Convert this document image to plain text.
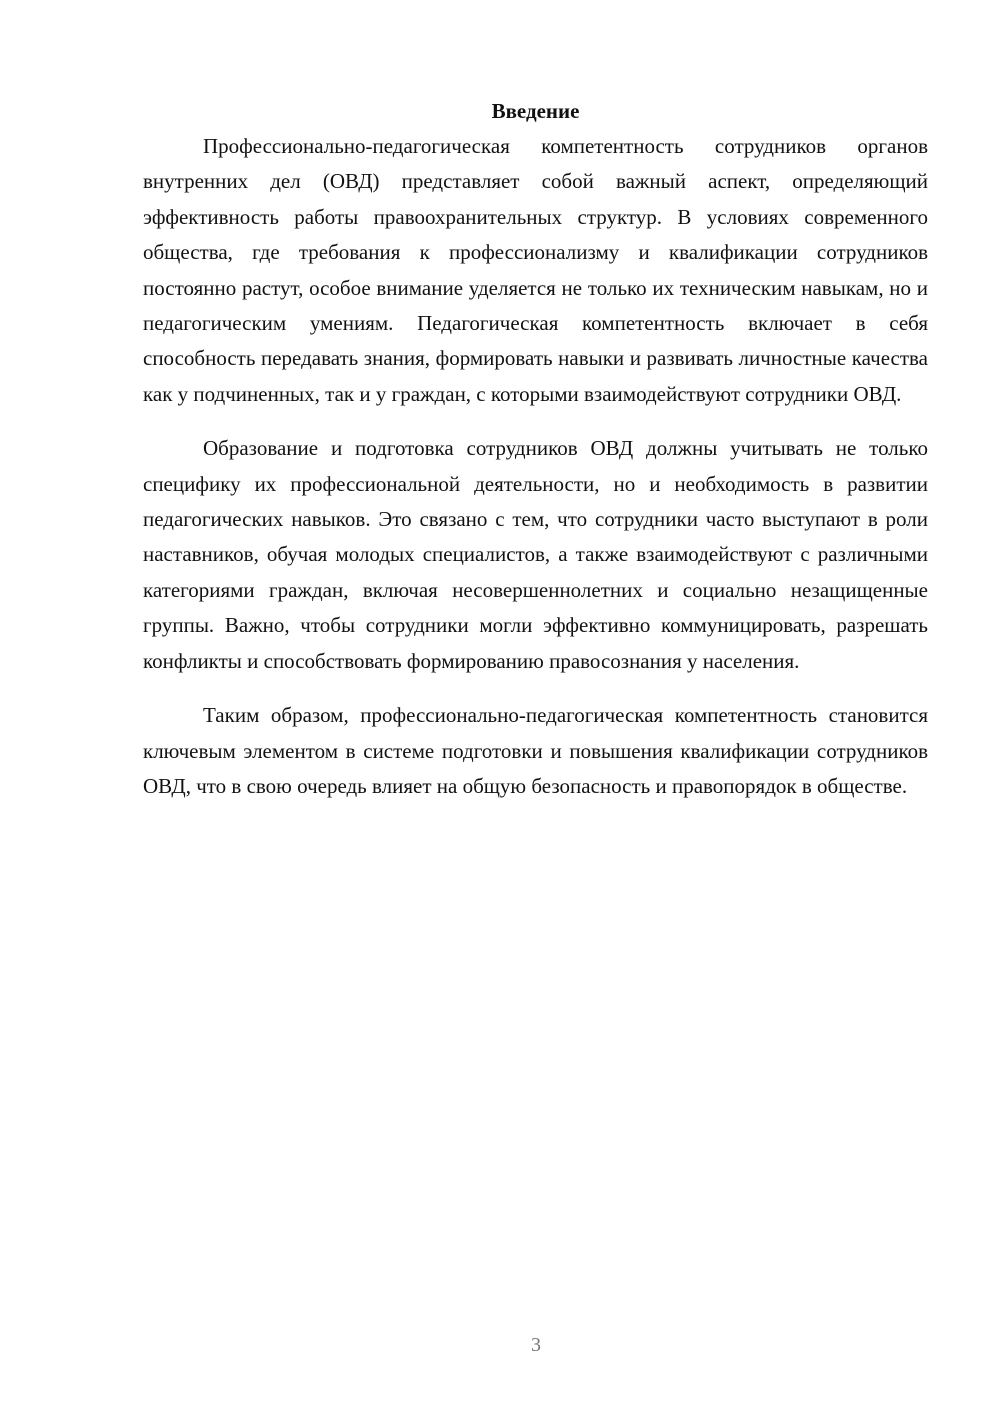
Введение

Профессионально-педагогическая компетентность сотрудников органов внутренних дел (ОВД) представляет собой важный аспект, определяющий эффективность работы правоохранительных структур. В условиях современного общества, где требования к профессионализму и квалификации сотрудников постоянно растут, особое внимание уделяется не только их техническим навыкам, но и педагогическим умениям. Педагогическая компетентность включает в себя способность передавать знания, формировать навыки и развивать личностные качества как у подчиненных, так и у граждан, с которыми взаимодействуют сотрудники ОВД.

Образование и подготовка сотрудников ОВД должны учитывать не только специфику их профессиональной деятельности, но и необходимость в развитии педагогических навыков. Это связано с тем, что сотрудники часто выступают в роли наставников, обучая молодых специалистов, а также взаимодействуют с различными категориями граждан, включая несовершеннолетних и социально незащищенные группы. Важно, чтобы сотрудники могли эффективно коммуницировать, разрешать конфликты и способствовать формированию правосознания у населения.

Таким образом, профессионально-педагогическая компетентность становится ключевым элементом в системе подготовки и повышения квалификации сотрудников ОВД, что в свою очередь влияет на общую безопасность и правопорядок в обществе.

3
